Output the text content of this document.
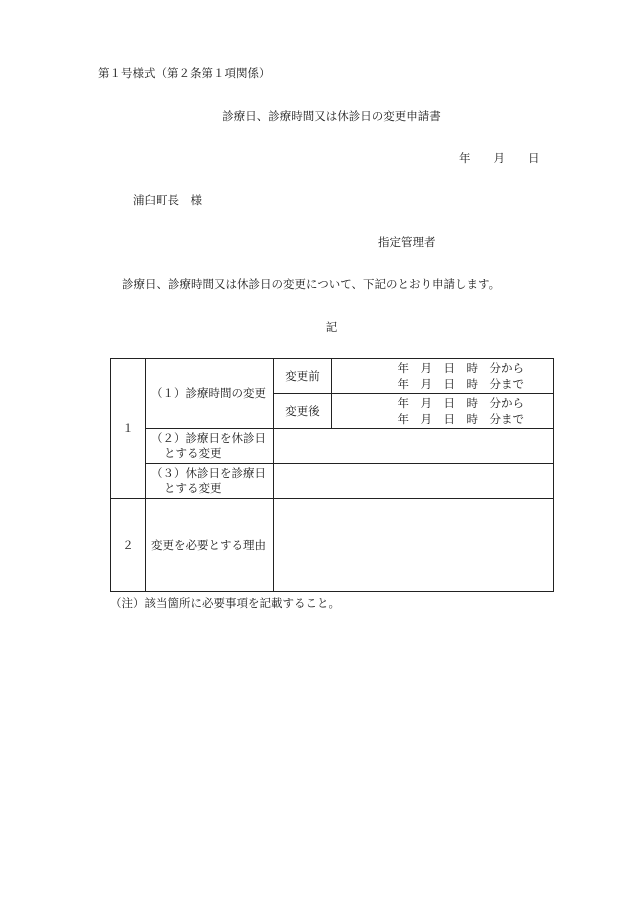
第１号様式（第２条第１項関係）
診療日、診療時間又は休診日の変更申請書
年　　月　　日
浦臼町長　様
指定管理者
診療日、診療時間又は休診日の変更について、下記のとおり申請します。
記
１	（１）診療時間の変更	変更前	年　月　日　時　分から
年　月　日　時　分まで

		変更後	年　月　日　時　分から
年　月　日　時　分まで

	（２）診療日を休診日
とする変更		

	（３）休診日を診療日
とする変更		

２	変更を必要とする理由		
（注）該当箇所に必要事項を記載すること。
